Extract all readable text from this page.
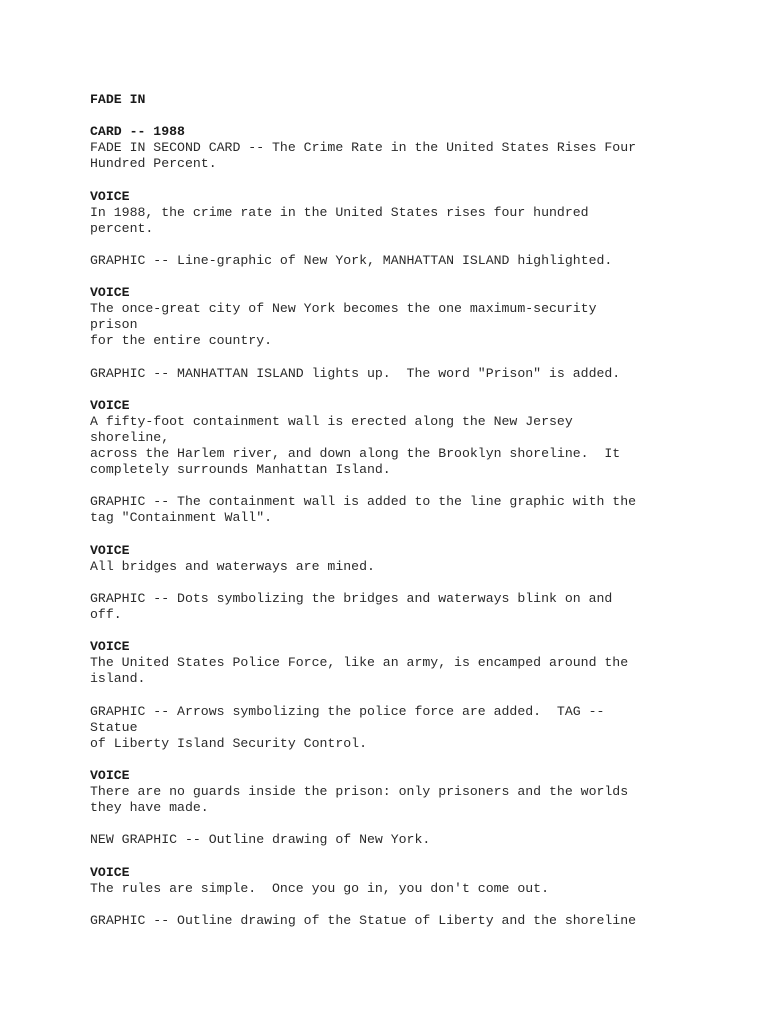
FADE IN
CARD -- 1988
FADE IN SECOND CARD -- The Crime Rate in the United States Rises Four
Hundred Percent.
VOICE
In 1988, the crime rate in the United States rises four hundred
percent.
GRAPHIC -- Line-graphic of New York, MANHATTAN ISLAND highlighted.
VOICE
The once-great city of New York becomes the one maximum-security
prison
for the entire country.
GRAPHIC -- MANHATTAN ISLAND lights up.  The word "Prison" is added.
VOICE
A fifty-foot containment wall is erected along the New Jersey
shoreline,
across the Harlem river, and down along the Brooklyn shoreline.  It
completely surrounds Manhattan Island.
GRAPHIC -- The containment wall is added to the line graphic with the
tag "Containment Wall".
VOICE
All bridges and waterways are mined.
GRAPHIC -- Dots symbolizing the bridges and waterways blink on and
off.
VOICE
The United States Police Force, like an army, is encamped around the
island.
GRAPHIC -- Arrows symbolizing the police force are added.  TAG --
Statue
of Liberty Island Security Control.
VOICE
There are no guards inside the prison: only prisoners and the worlds
they have made.
NEW GRAPHIC -- Outline drawing of New York.
VOICE
The rules are simple.  Once you go in, you don't come out.
GRAPHIC -- Outline drawing of the Statue of Liberty and the shoreline
